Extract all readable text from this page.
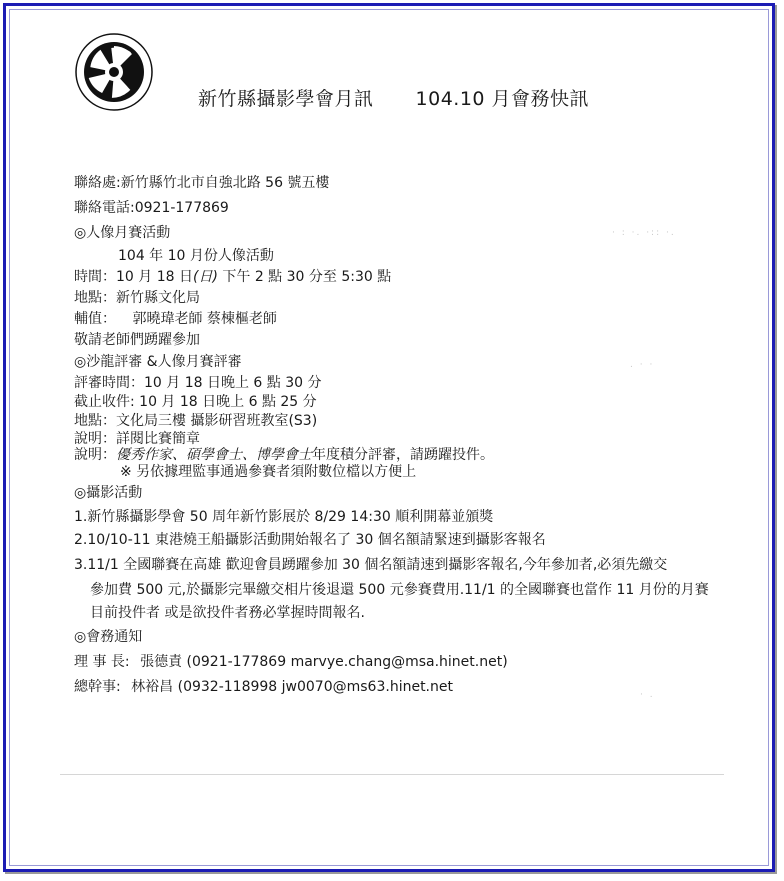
新竹縣攝影學會月訊 104.10 月會務快訊
聯絡處:新竹縣竹北市自強北路 56 號五樓
聯絡電話:0921-177869
◎人像月賽活動
104 年 10 月份人像活動
時間：10 月 18 日(日) 下午 2 點 30 分至 5:30 點
地點：新竹縣文化局
輔值： 郭曉瑋老師 蔡棟樞老師
敬請老師們踴躍參加
◎沙龍評審 &人像月賽評審
評審時間：10 月 18 日晚上 6 點 30 分
截止收件: 10 月 18 日晚上 6 點 25 分
地點：文化局三樓 攝影研習班教室(S3)
說明：詳閱比賽簡章
說明：優秀作家、碩學會士、博學會士年度積分評審，請踴躍投件。
※ 另依據理監事通過參賽者須附數位檔以方便上
◎攝影活動
1.新竹縣攝影學會 50 周年新竹影展於 8/29 14:30 順利開幕並頒獎
2.10/10-11 東港燒王船攝影活動開始報名了 30 個名額請緊速到攝影客報名
3.11/1 全國聯賽在高雄 歡迎會員踴躍參加 30 個名額請速到攝影客報名,今年參加者,必須先繳交
參加費 500 元,於攝影完畢繳交相片後退還 500 元參賽費用.11/1 的全國聯賽也當作 11 月份的月賽
目前投件者 或是欲投件者務必掌握時間報名.
◎會務通知
理 事 長: 張德責 (0921-177869 marvye.chang@msa.hinet.net)
總幹事: 林裕昌 (0932-118998 jw0070@ms63.hinet.net
· : ·. ·:: ·.
. · ·
· .
